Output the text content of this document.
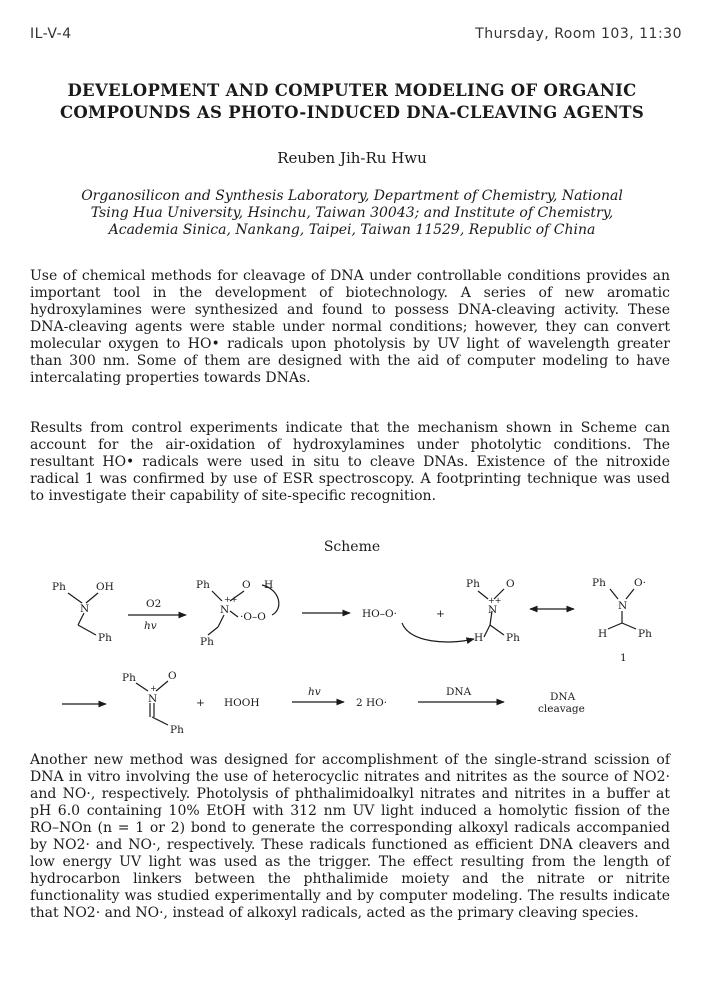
IL-V-4	Thursday, Room 103, 11:30
DEVELOPMENT AND COMPUTER MODELING OF ORGANIC
COMPOUNDS AS PHOTO-INDUCED DNA-CLEAVING AGENTS
Reuben Jih-Ru Hwu
Organosilicon and Synthesis Laboratory, Department of Chemistry, National
Tsing Hua University, Hsinchu, Taiwan 30043; and Institute of Chemistry,
Academia Sinica, Nankang, Taipei, Taiwan 11529, Republic of China

Use of chemical methods for cleavage of DNA under controllable conditions provides an important tool in the development of biotechnology. A series of new aromatic hydroxylamines were synthesized and found to possess DNA-cleaving activity. These DNA-cleaving agents were stable under normal conditions; however, they can convert molecular oxygen to HO• radicals upon photolysis by UV light of wavelength greater than 300 nm. Some of them are designed with the aid of computer modeling to have intercalating properties towards DNAs.

Results from control experiments indicate that the mechanism shown in Scheme can account for the air-oxidation of hydroxylamines under photolytic conditions. The resultant HO• radicals were used in situ to cleave DNAs. Existence of the nitroxide radical 1 was confirmed by use of ESR spectroscopy. A footprinting technique was used to investigate their capability of site-specific recognition.

Scheme
Ph	OH
N
Ph
O2
hv
Ph	O H
++
N
·O–O
Ph
HO–O·	+
Ph O
++
N
H Ph
Ph	O·
N
H	Ph
1
Ph	O
+
N
Ph
+ HOOH
hv
2 HO·
DNA	DNA
cleavage

Another new method was designed for accomplishment of the single-strand scission of DNA in vitro involving the use of heterocyclic nitrates and nitrites as the source of NO2· and NO·, respectively. Photolysis of phthalimidoalkyl nitrates and nitrites in a buffer at pH 6.0 containing 10% EtOH with 312 nm UV light induced a homolytic fission of the RO–NOn (n = 1 or 2) bond to generate the corresponding alkoxyl radicals accompanied by NO2· and NO·, respectively. These radicals functioned as efficient DNA cleavers and low energy UV light was used as the trigger. The effect resulting from the length of hydrocarbon linkers between the phthalimide moiety and the nitrate or nitrite functionality was studied experimentally and by computer modeling. The results indicate that NO2· and NO·, instead of alkoxyl radicals, acted as the primary cleaving species.
